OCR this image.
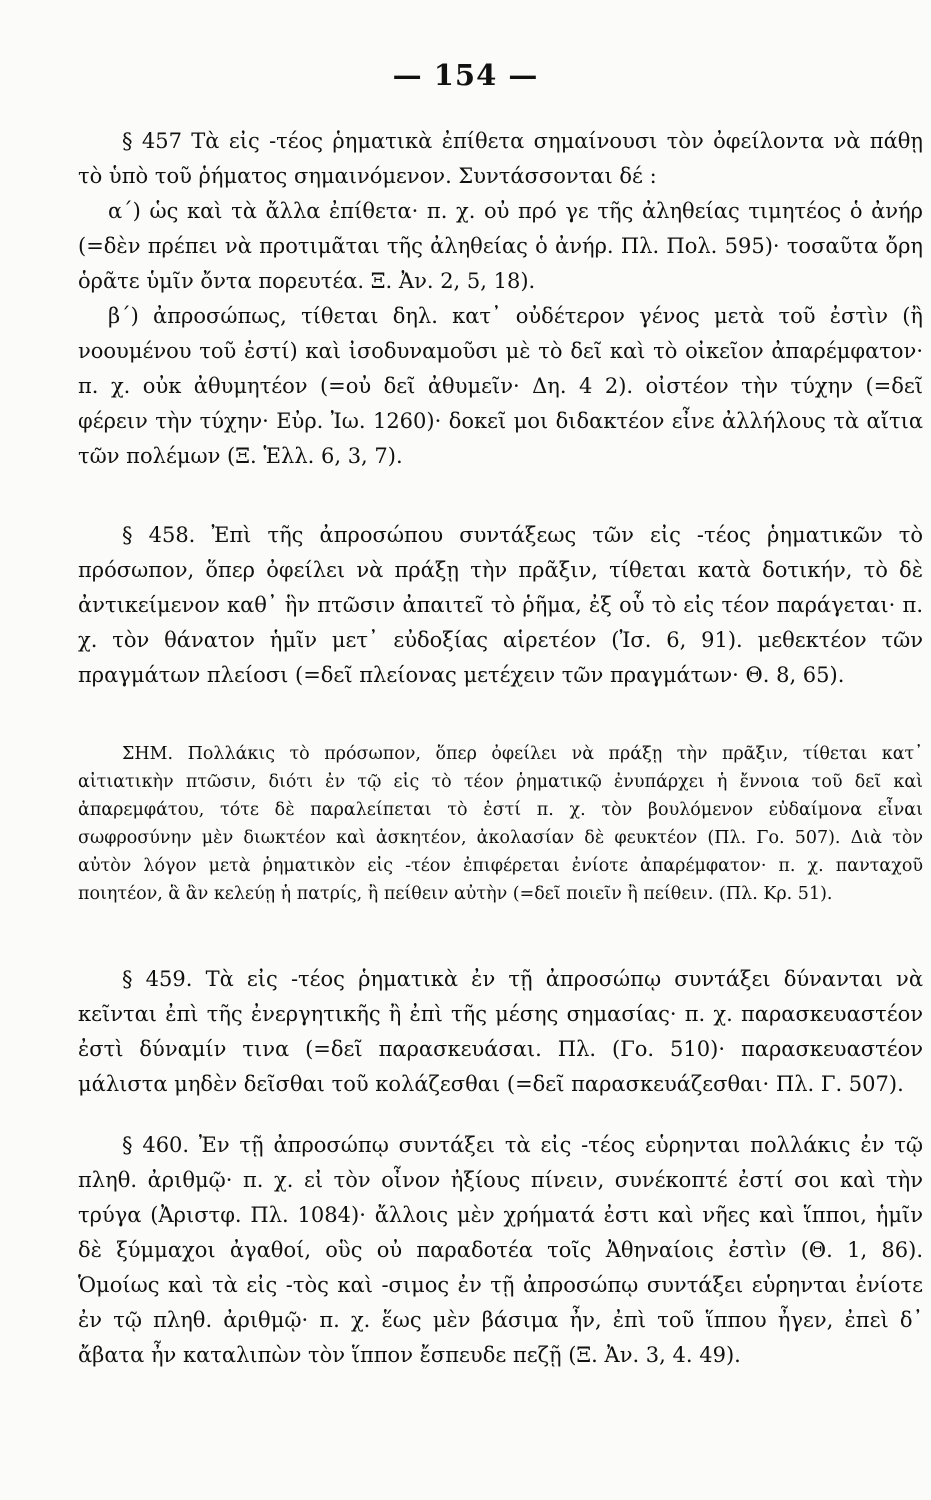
— 154 —

§ 457 Τὰ εἰς -τέος ῥηματικὰ ἐπίθετα σημαίνουσι τὸν ὀφείλοντα νὰ πάθῃ τὸ ὑπὸ τοῦ ῥήματος σημαινόμενον. Συντάσσονται δέ :

α΄) ὡς καὶ τὰ ἄλλα ἐπίθετα· π. χ. οὐ πρό γε τῆς ἀληθείας τιμητέος ὁ ἀνήρ (=δὲν πρέπει νὰ προτιμᾶται τῆς ἀληθείας ὁ ἀνήρ. Πλ. Πολ. 595)· τοσαῦτα ὄρη ὁρᾶτε ὑμῖν ὄντα πορευτέα. Ξ. Ἀν. 2, 5, 18).

β΄) ἀπροσώπως, τίθεται δηλ. κατ᾽ οὐδέτερον γένος μετὰ τοῦ ἐστὶν (ἢ νοουμένου τοῦ ἐστί) καὶ ἰσοδυναμοῦσι μὲ τὸ δεῖ καὶ τὸ οἰκεῖον ἀπαρέμφατον· π. χ. οὐκ ἀθυμητέον (=οὐ δεῖ ἀθυμεῖν· Δη. 4 2). οἰστέον τὴν τύχην (=δεῖ φέρειν τὴν τύχην· Εὐρ. Ἰω. 1260)· δοκεῖ μοι διδακτέον εἶνε ἀλλήλους τὰ αἴτια τῶν πολέμων (Ξ. Ἑλλ. 6, 3, 7).

§ 458. Ἐπὶ τῆς ἀπροσώπου συντάξεως τῶν εἰς -τέος ῥηματικῶν τὸ πρόσωπον, ὅπερ ὀφείλει νὰ πράξῃ τὴν πρᾶξιν, τίθεται κατὰ δοτικήν, τὸ δὲ ἀντικείμενον καθ᾽ ἣν πτῶσιν ἀπαιτεῖ τὸ ῥῆμα, ἐξ οὗ τὸ εἰς τέον παράγεται· π. χ. τὸν θάνατον ἡμῖν μετ᾽ εὐδοξίας αἱρετέον (Ἰσ. 6, 91). μεθεκτέον τῶν πραγμάτων πλείοσι (=δεῖ πλείονας μετέχειν τῶν πραγμάτων· Θ. 8, 65).

ΣΗΜ. Πολλάκις τὸ πρόσωπον, ὅπερ ὀφείλει νὰ πράξῃ τὴν πρᾶξιν, τίθεται κατ᾽ αἰτιατικὴν πτῶσιν, διότι ἐν τῷ εἰς τὸ τέον ῥηματικῷ ἐνυπάρχει ἡ ἔννοια τοῦ δεῖ καὶ ἀπαρεμφάτου, τότε δὲ παραλείπεται τὸ ἐστί π. χ. τὸν βουλόμενον εὐδαίμονα εἶναι σωφροσύνην μὲν διωκτέον καὶ ἀσκητέον, ἀκολασίαν δὲ φευκτέον (Πλ. Γο. 507). Διὰ τὸν αὐτὸν λόγον μετὰ ῥηματικὸν εἰς -τέον ἐπιφέρεται ἐνίοτε ἀπαρέμφατον· π. χ. πανταχοῦ ποιητέον, ἃ ἂν κελεύῃ ἡ πατρίς, ἢ πείθειν αὐτὴν (=δεῖ ποιεῖν ἢ πείθειν. (Πλ. Κρ. 51).

§ 459. Τὰ εἰς -τέος ῥηματικὰ ἐν τῇ ἀπροσώπῳ συντάξει δύνανται νὰ κεῖνται ἐπὶ τῆς ἐνεργητικῆς ἢ ἐπὶ τῆς μέσης σημασίας· π. χ. παρασκευαστέον ἐστὶ δύναμίν τινα (=δεῖ παρασκευάσαι. Πλ. (Γο. 510)· παρασκευαστέον μάλιστα μηδὲν δεῖσθαι τοῦ κολάζεσθαι (=δεῖ παρασκευάζεσθαι· Πλ. Γ. 507).

§ 460. Ἐν τῇ ἀπροσώπῳ συντάξει τὰ εἰς -τέος εὑρηνται πολλάκις ἐν τῷ πληθ. ἀριθμῷ· π. χ. εἰ τὸν οἶνον ἠξίους πίνειν, συνέκοπτέ ἐστί σοι καὶ τὴν τρύγα (Ἀριστφ. Πλ. 1084)· ἄλλοις μὲν χρήματά ἐστι καὶ νῆες καὶ ἵπποι, ἡμῖν δὲ ξύμμαχοι ἀγαθοί, οὓς οὐ παραδοτέα τοῖς Ἀθηναίοις ἐστὶν (Θ. 1, 86). Ὁμοίως καὶ τὰ εἰς -τὸς καὶ -σιμος ἐν τῇ ἀπροσώπῳ συντάξει εὑρηνται ἐνίοτε ἐν τῷ πληθ. ἀριθμῷ· π. χ. ἕως μὲν βάσιμα ἦν, ἐπὶ τοῦ ἵππου ἦγεν, ἐπεὶ δ᾽ ἄβατα ἦν καταλιπὼν τὸν ἵππον ἔσπευδε πεζῇ (Ξ. Ἀν. 3, 4. 49).
